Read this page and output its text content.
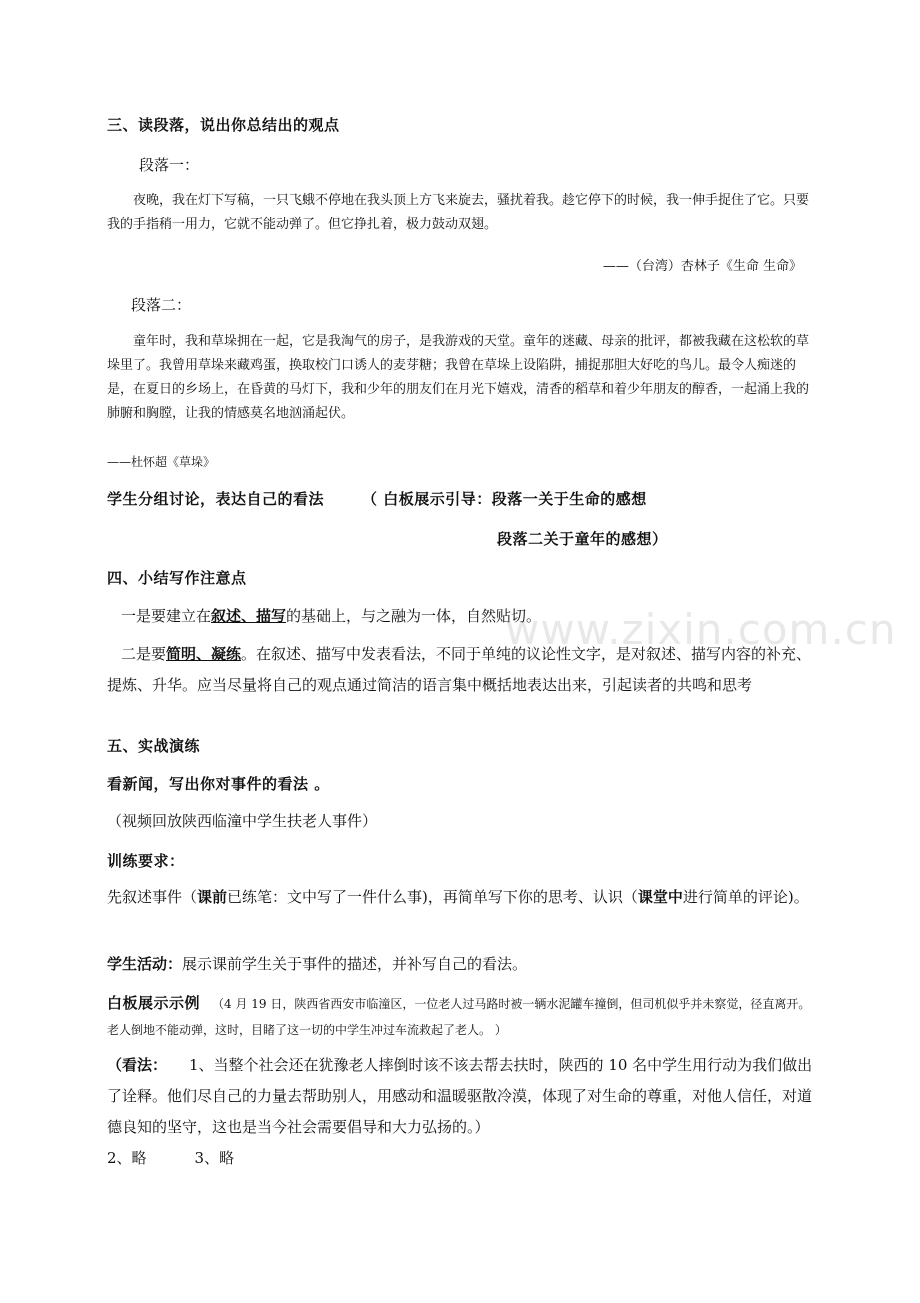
三、读段落，说出你总结出的观点
段落一：
夜晚，我在灯下写稿，一只飞蛾不停地在我头顶上方飞来旋去，骚扰着我。趁它停下的时候，我一伸手捉住了它。只要我的手指稍一用力，它就不能动弹了。但它挣扎着，极力鼓动双翅。
——（台湾）杏林子《生命 生命》
段落二：
童年时，我和草垛拥在一起，它是我淘气的房子，是我游戏的天堂。童年的迷藏、母亲的批评，都被我藏在这松软的草垛里了。我曾用草垛来藏鸡蛋，换取校门口诱人的麦芽糖；我曾在草垛上设陷阱，捕捉那胆大好吃的鸟儿。最令人痴迷的是，在夏日的乡场上，在昏黄的马灯下，我和少年的朋友们在月光下嬉戏，清香的稻草和着少年朋友的醇香，一起涌上我的肺腑和胸膛，让我的情感莫名地汹涌起伏。
——杜怀超《草垛》
学生分组讨论，表达自己的看法	（ 白板展示引导：段落一关于生命的感想
段落二关于童年的感想）
四、小结写作注意点
一是要建立在叙述、描写的基础上，与之融为一体，自然贴切。
二是要简明、凝练。在叙述、描写中发表看法，不同于单纯的议论性文字，是对叙述、描写内容的补充、提炼、升华。应当尽量将自己的观点通过简洁的语言集中概括地表达出来，引起读者的共鸣和思考
五、实战演练
看新闻，写出你对事件的看法 。
（视频回放陕西临潼中学生扶老人事件）
训练要求：
先叙述事件（课前已练笔：文中写了一件什么事)，再简单写下你的思考、认识（课堂中进行简单的评论)。
学生活动：展示课前学生关于事件的描述，并补写自己的看法。
白板展示示例 （4 月 19 日，陕西省西安市临潼区，一位老人过马路时被一辆水泥罐车撞倒，但司机似乎并未察觉，径直离开。老人倒地不能动弹，这时，目睹了这一切的中学生冲过车流救起了老人。 ）
（看法： 1、当整个社会还在犹豫老人摔倒时该不该去帮去扶时，陕西的 10 名中学生用行动为我们做出了诠释。他们尽自己的力量去帮助别人，用感动和温暖驱散冷漠，体现了对生命的尊重，对他人信任，对道德良知的坚守，这也是当今社会需要倡导和大力弘扬的。）
2、略	3、略
www.zixin.com.cn
